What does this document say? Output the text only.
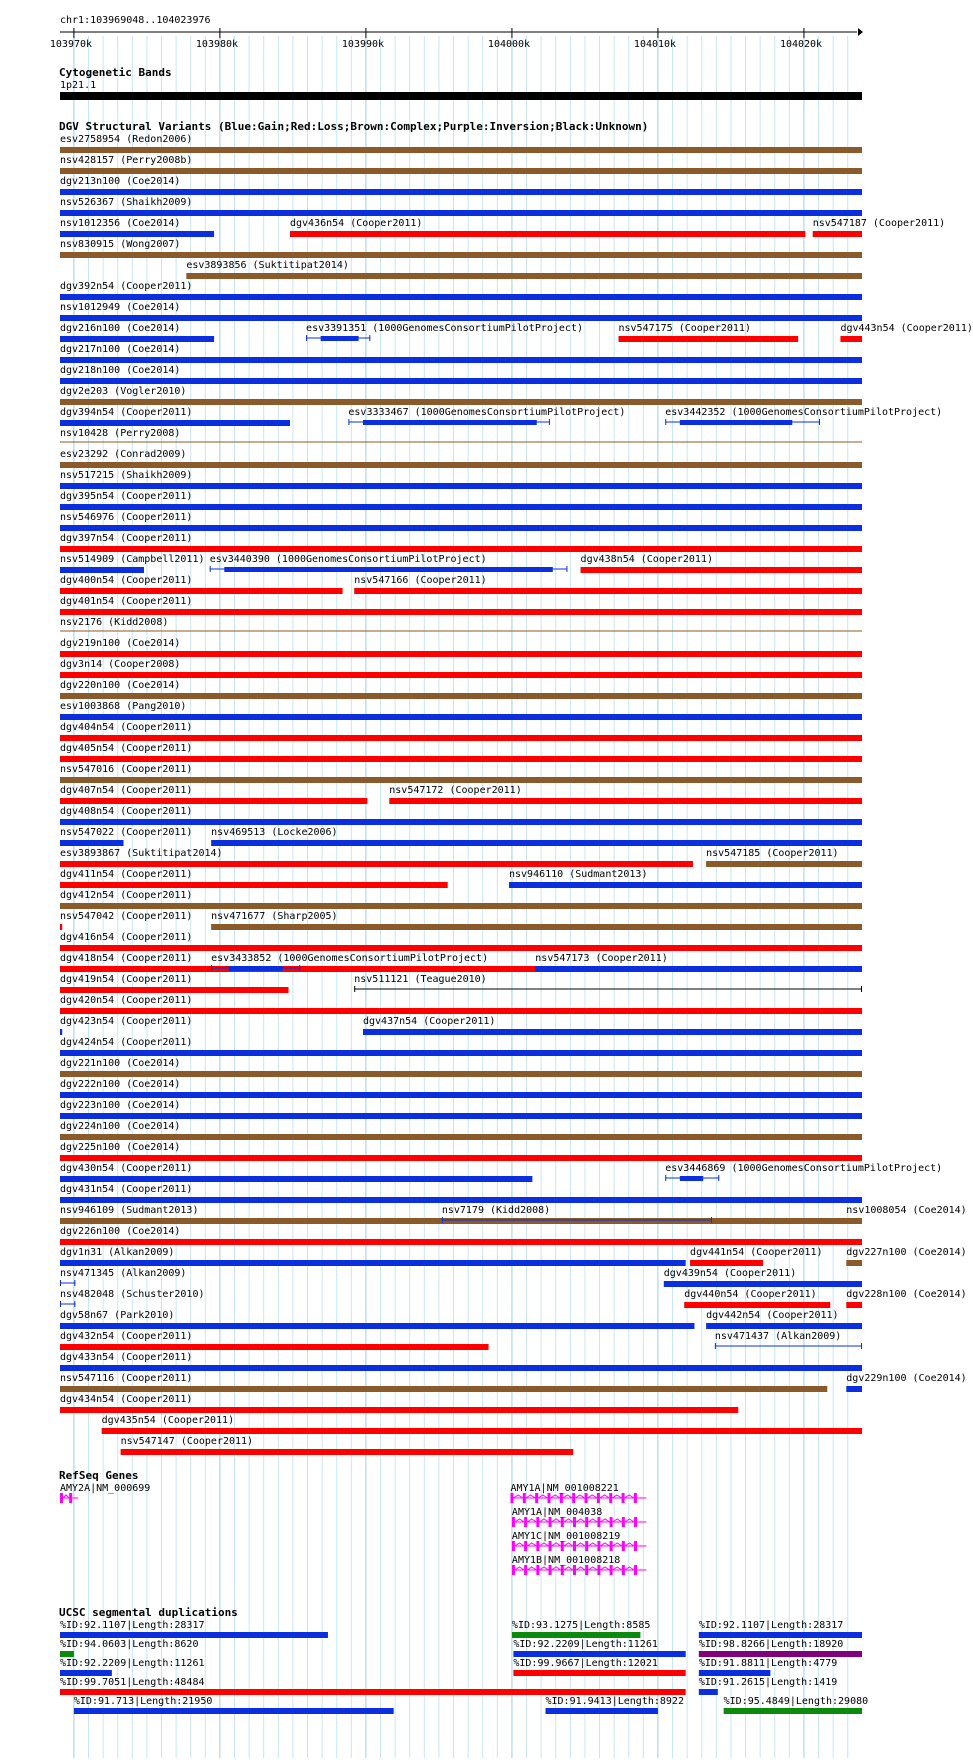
chr1:103969048..104023976
Cytogenetic Bands
1p21.1
DGV Structural Variants (Blue:Gain;Red:Loss;Brown:Complex;Purple:Inversion;Black:Unknown)
RefSeq Genes
UCSC segmental duplications
103970k	103980k	103990k	104000k	104010k	104020k
esv2758954 (Redon2006)
nsv428157 (Perry2008b)
dgv213n100 (Coe2014)
nsv526367 (Shaikh2009)
nsv1012356 (Coe2014)	dgv436n54 (Cooper2011)	nsv547187 (Cooper2011)
nsv830915 (Wong2007)
esv3893856 (Suktitipat2014)
dgv392n54 (Cooper2011)
nsv1012949 (Coe2014)
dgv216n100 (Coe2014)	esv3391351 (1000GenomesConsortiumPilotProject)	nsv547175 (Cooper2011)	dgv443n54 (Cooper2011)
dgv217n100 (Coe2014)
dgv218n100 (Coe2014)
dgv2e203 (Vogler2010)
dgv394n54 (Cooper2011)	esv3333467 (1000GenomesConsortiumPilotProject)	esv3442352 (1000GenomesConsortiumPilotProject)
nsv10428 (Perry2008)
esv23292 (Conrad2009)
nsv517215 (Shaikh2009)
dgv395n54 (Cooper2011)
nsv546976 (Cooper2011)
dgv397n54 (Cooper2011)
nsv514909 (Campbell2011) esv3440390 (1000GenomesConsortiumPilotProject)	dgv438n54 (Cooper2011)
dgv400n54 (Cooper2011)	nsv547166 (Cooper2011)
dgv401n54 (Cooper2011)
nsv2176 (Kidd2008)
dgv219n100 (Coe2014)
dgv3n14 (Cooper2008)
dgv220n100 (Coe2014)
esv1003868 (Pang2010)
dgv404n54 (Cooper2011)
dgv405n54 (Cooper2011)
nsv547016 (Cooper2011)
dgv407n54 (Cooper2011)	nsv547172 (Cooper2011)
dgv408n54 (Cooper2011)
nsv547022 (Cooper2011) nsv469513 (Locke2006)
esv3893867 (Suktitipat2014)	nsv547185 (Cooper2011)
dgv411n54 (Cooper2011)	nsv946110 (Sudmant2013)
dgv412n54 (Cooper2011)
nsv547042 (Cooper2011) nsv471677 (Sharp2005)
dgv416n54 (Cooper2011)
dgv418n54 (Cooper2011) esv3433852 (1000GenomesConsortiumPilotProject)	nsv547173 (Cooper2011)
dgv419n54 (Cooper2011)	nsv511121 (Teague2010)
dgv420n54 (Cooper2011)
dgv423n54 (Cooper2011)	dgv437n54 (Cooper2011)
dgv424n54 (Cooper2011)
dgv221n100 (Coe2014)
dgv222n100 (Coe2014)
dgv223n100 (Coe2014)
dgv224n100 (Coe2014)
dgv225n100 (Coe2014)
dgv430n54 (Cooper2011)	esv3446869 (1000GenomesConsortiumPilotProject)
dgv431n54 (Cooper2011)
nsv946109 (Sudmant2013)	nsv7179 (Kidd2008)	nsv1008054 (Coe2014)
dgv226n100 (Coe2014)
dgv1n31 (Alkan2009)	dgv441n54 (Cooper2011) dgv227n100 (Coe2014)
nsv471345 (Alkan2009)	dgv439n54 (Cooper2011)
nsv482048 (Schuster2010)	dgv440n54 (Cooper2011)	dgv228n100 (Coe2014)
dgv58n67 (Park2010)	dgv442n54 (Cooper2011)
dgv432n54 (Cooper2011)	nsv471437 (Alkan2009)
dgv433n54 (Cooper2011)
nsv547116 (Cooper2011)	dgv229n100 (Coe2014)
dgv434n54 (Cooper2011)
dgv435n54 (Cooper2011)
nsv547147 (Cooper2011)
AMY2A|NM_000699	AMY1A|NM_001008221
AMY1A|NM_004038
AMY1C|NM_001008219
AMY1B|NM_001008218
%ID:92.1107|Length:28317	%ID:93.1275|Length:8585	%ID:92.1107|Length:28317
%ID:94.0603|Length:8620	%ID:92.2209|Length:11261	%ID:98.8266|Length:18920
%ID:92.2209|Length:11261	%ID:99.9667|Length:12021	%ID:91.8811|Length:4779
%ID:99.7051|Length:48484	%ID:91.2615|Length:1419
%ID:91.713|Length:21950	%ID:91.9413|Length:8922	%ID:95.4849|Length:29080
